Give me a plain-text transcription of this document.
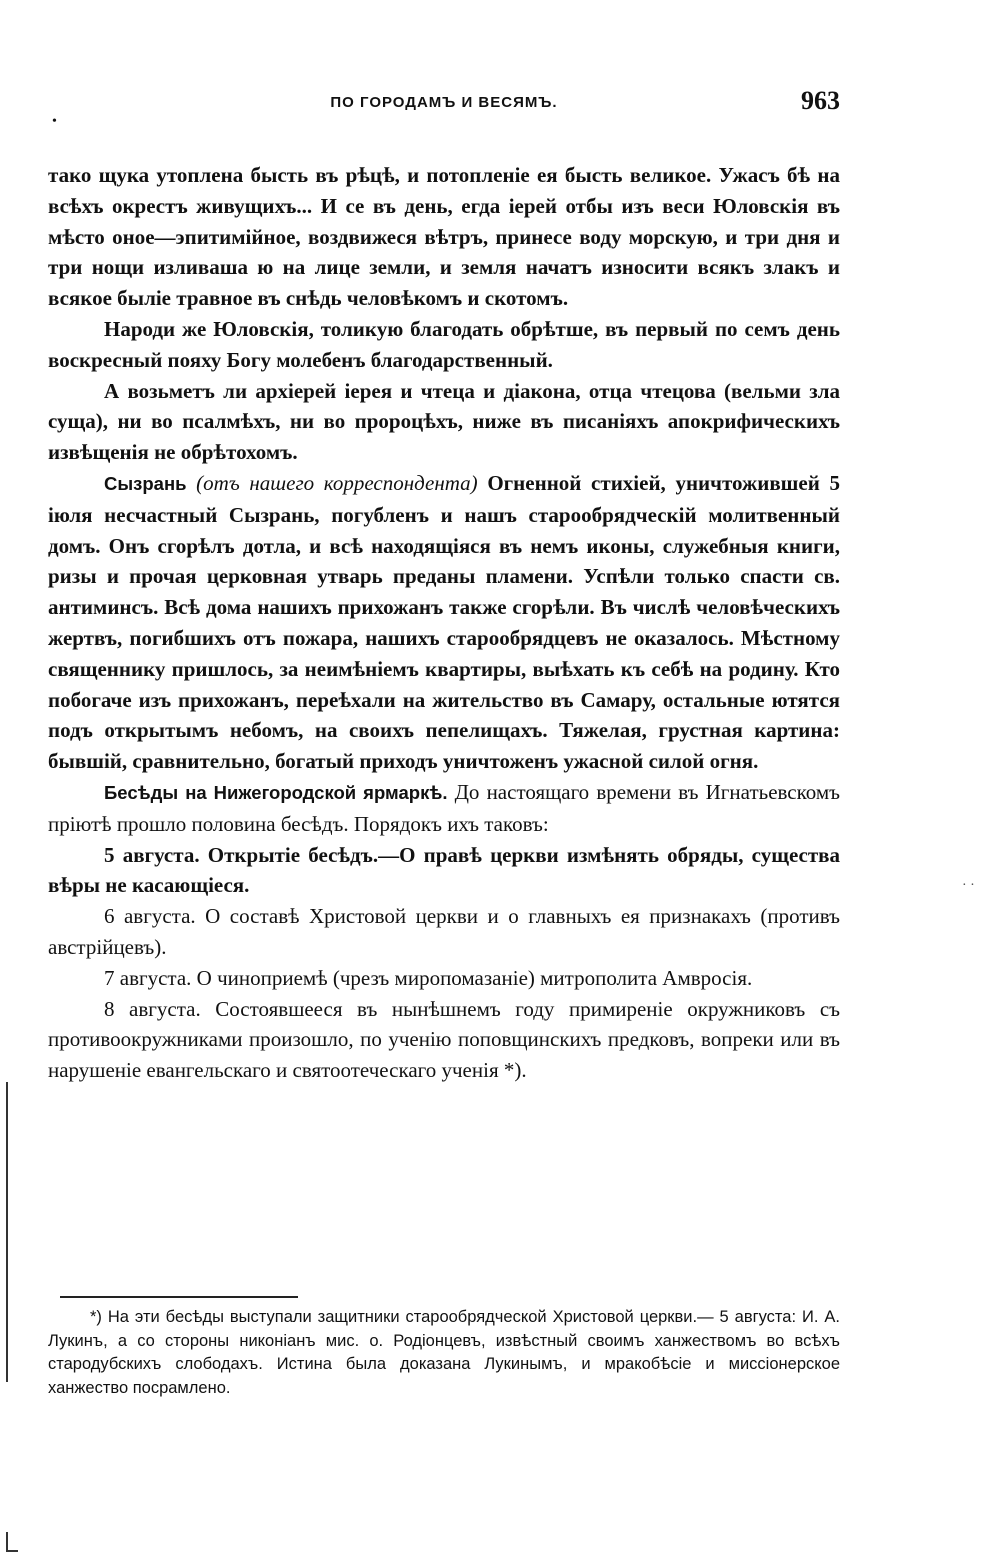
•
ПО ГОРОДАМЪ И ВЕСЯМЪ.	963

тако щука утоплена бысть въ рѣцѣ, и потопленіе ея бысть великое. Ужасъ бѣ на всѣхъ окрестъ живущихъ... И се въ день, егда iерей отбы изъ веси Юловскія въ мѣсто оное—эпитимійное, воздвижеся вѣтръ, принесе воду морскую, и три дня и три нощи изливаша ю на лице земли, и земля начатъ износити всякъ злакъ и всякое быліе травное въ снѣдь человѣкомъ и скотомъ.

Народи же Юловскія, толикую благодать обрѣтше, въ первый по семъ день воскресный пояху Богу молебенъ благодарственный.

А возьметъ ли архіерей іерея и чтеца и діакона, отца чтецова (вельми зла суща), ни во псалмѣхъ, ни во пророцѣхъ, ниже въ писаніяхъ апокрифическихъ извѣщенія не обрѣтохомъ.

Сызрань (отъ нашего корреспондента) Огненной стихіей, уничтожившей 5 іюля несчастный Сызрань, погубленъ и нашъ старообрядческій молитвенный домъ. Онъ сгорѣлъ дотла, и всѣ находящіяся въ немъ иконы, служебныя книги, ризы и прочая церковная утварь преданы пламени. Успѣли только спасти св. антиминсъ. Всѣ дома нашихъ прихожанъ также сгорѣли. Въ числѣ человѣческихъ жертвъ, погибшихъ отъ пожара, нашихъ старообрядцевъ не оказалось. Мѣстному священнику пришлось, за неимѣніемъ квартиры, выѣхать къ себѣ на родину. Кто побогаче изъ прихожанъ, переѣхали на жительство въ Самару, остальные ютятся подъ открытымъ небомъ, на своихъ пепелищахъ. Тяжелая, грустная картина: бывшій, сравнительно, богатый приходъ уничтоженъ ужасной силой огня.

Бесѣды на Нижегородской ярмаркѣ. До настоящаго времени въ Игнатьевскомъ пріютѣ прошло половина бесѣдъ. Порядокъ ихъ таковъ:

5 августа. Открытіе бесѣдъ.—О правѣ церкви измѣнять обряды, существа вѣры не касающіеся.

6 августа. О составѣ Христовой церкви и о главныхъ ея признакахъ (противъ австрійцевъ).

7 августа. О чиноприемѣ (чрезъ миропомазаніе) митрополита Амвросія.

8 августа. Состоявшееся въ нынѣшнемъ году примиреніе окружниковъ съ противоокружниками произошло, по ученію поповщинскихъ предковъ, вопреки или въ нарушеніе евангельскаго и святоотеческаго ученія *).

*) На эти бесѣды выступали защитники старообрядческой Христовой церкви.— 5 августа: И. А. Лукинъ, а со стороны никоніанъ мис. о. Родіонцевъ, извѣстный своимъ ханжествомъ во всѣхъ стародубскихъ слободахъ. Истина была доказана Лукинымъ, и мракобѣсіе и миссіонерское ханжество посрамлено.

· ·
